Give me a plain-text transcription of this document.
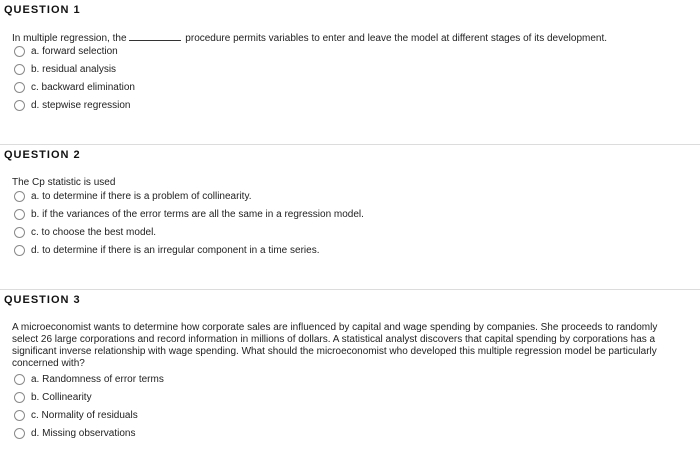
QUESTION 1
In multiple regression, the	procedure permits variables to enter and leave the model at different stages of its development.
a. forward selection
b. residual analysis
c. backward elimination
d. stepwise regression
QUESTION 2
The Cp statistic is used
a. to determine if there is a problem of collinearity.
b. if the variances of the error terms are all the same in a regression model.
c. to choose the best model.
d. to determine if there is an irregular component in a time series.
QUESTION 3
A microeconomist wants to determine how corporate sales are influenced by capital and wage spending by companies. She proceeds to randomly select 26 large corporations and record information in millions of dollars. A statistical analyst discovers that capital spending by corporations has a significant inverse relationship with wage spending. What should the microeconomist who developed this multiple regression model be particularly concerned with?
a. Randomness of error terms
b. Collinearity
c. Normality of residuals
d. Missing observations
